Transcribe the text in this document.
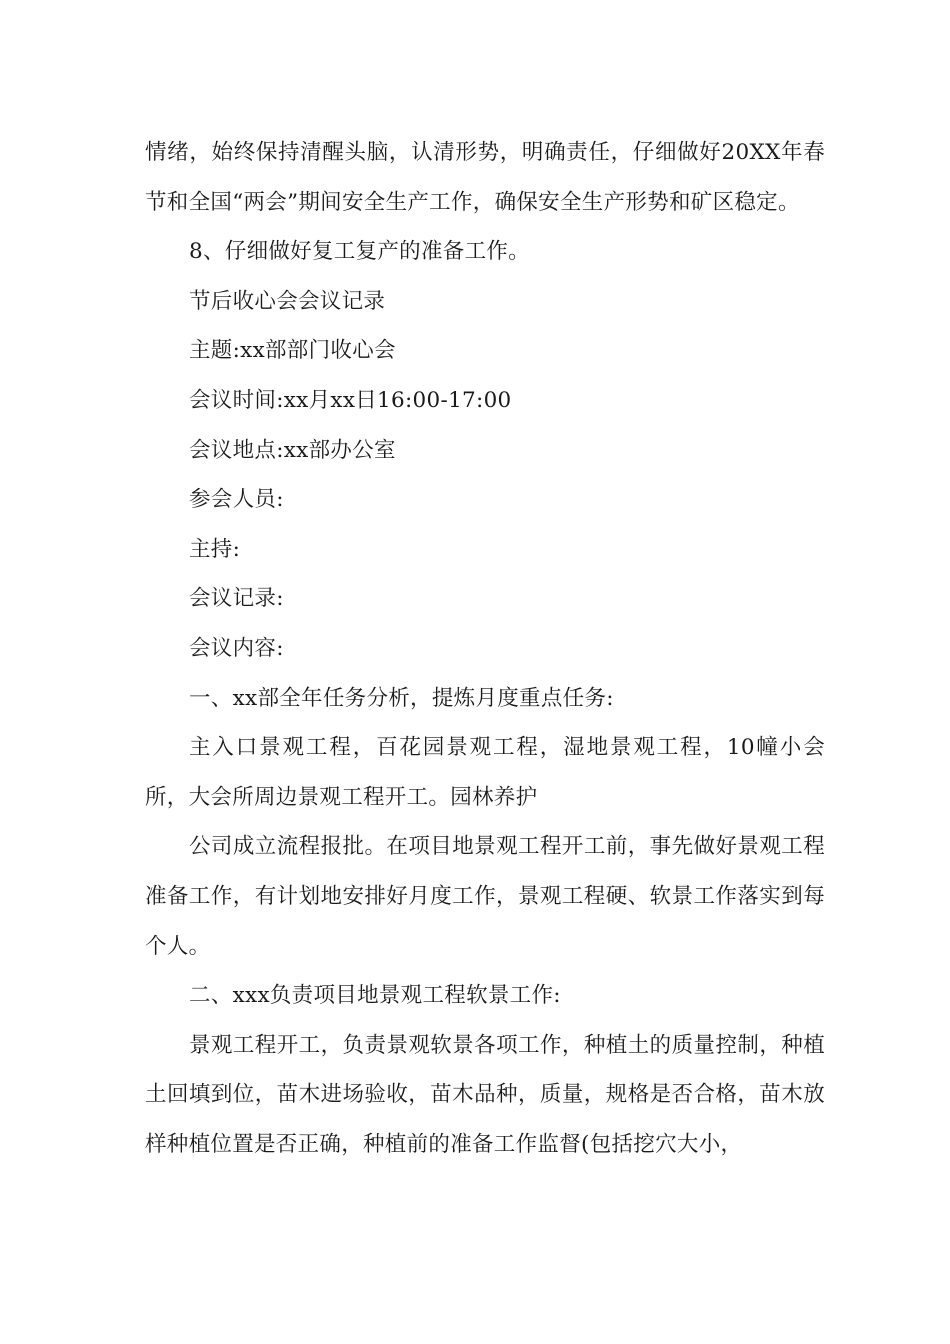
情绪，始终保持清醒头脑，认清形势，明确责任，仔细做好20XX年春节和全国“两会”期间安全生产工作，确保安全生产形势和矿区稳定。

8、仔细做好复工复产的准备工作。

节后收心会会议记录

主题:xx部部门收心会

会议时间:xx月xx日16:00-17:00

会议地点:xx部办公室

参会人员:

主持:

会议记录:

会议内容:

一、xx部全年任务分析，提炼月度重点任务:

主入口景观工程，百花园景观工程，湿地景观工程，10幢小会所，大会所周边景观工程开工。园林养护

公司成立流程报批。在项目地景观工程开工前，事先做好景观工程准备工作，有计划地安排好月度工作，景观工程硬、软景工作落实到每个人。

二、xxx负责项目地景观工程软景工作:

景观工程开工，负责景观软景各项工作，种植土的质量控制，种植土回填到位，苗木进场验收，苗木品种，质量，规格是否合格，苗木放样种植位置是否正确，种植前的准备工作监督(包括挖穴大小，
